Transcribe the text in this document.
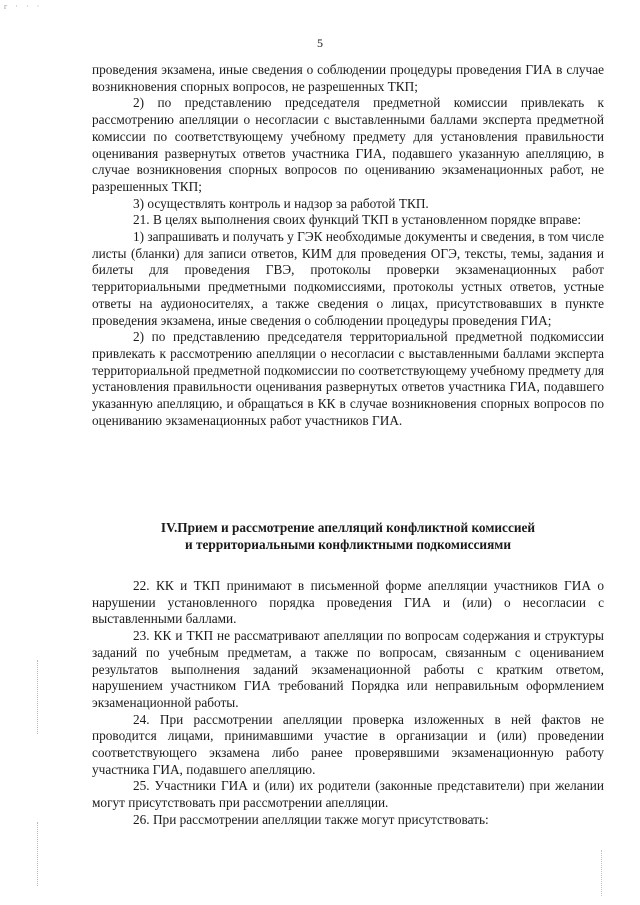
г · · ·
5

проведения экзамена, иные сведения о соблюдении процедуры проведения ГИА в случае возникновения спорных вопросов, не разрешенных ТКП;

2) по представлению председателя предметной комиссии привлекать к рассмотрению апелляции о несогласии с выставленными баллами эксперта предметной комиссии по соответствующему учебному предмету для установления правильности оценивания развернутых ответов участника ГИА, подавшего указанную апелляцию, в случае возникновения спорных вопросов по оцениванию экзаменационных работ, не разрешенных ТКП;

3) осуществлять контроль и надзор за работой ТКП.

21. В целях выполнения своих функций ТКП в установленном порядке вправе:

1) запрашивать и получать у ГЭК необходимые документы и сведения, в том числе листы (бланки) для записи ответов, КИМ для проведения ОГЭ, тексты, темы, задания и билеты для проведения ГВЭ, протоколы проверки экзаменационных работ территориальными предметными подкомиссиями, протоколы устных ответов, устные ответы на аудионосителях, а также сведения о лицах, присутствовавших в пункте проведения экзамена, иные сведения о соблюдении процедуры проведения ГИА;

2) по представлению председателя территориальной предметной подкомиссии привлекать к рассмотрению апелляции о несогласии с выставленными баллами эксперта территориальной предметной подкомиссии по соответствующему учебному предмету для установления правильности оценивания развернутых ответов участника ГИА, подавшего указанную апелляцию, и обращаться в КК в случае возникновения спорных вопросов по оцениванию экзаменационных работ участников ГИА.

IV.Прием и рассмотрение апелляций конфликтной комиссией
и территориальными конфликтными подкомиссиями

22. КК и ТКП принимают в письменной форме апелляции участников ГИА о нарушении установленного порядка проведения ГИА и (или) о несогласии с выставленными баллами.

23. КК и ТКП не рассматривают апелляции по вопросам содержания и структуры заданий по учебным предметам, а также по вопросам, связанным с оцениванием результатов выполнения заданий экзаменационной работы с кратким ответом, нарушением участником ГИА требований Порядка или неправильным оформлением экзаменационной работы.

24. При рассмотрении апелляции проверка изложенных в ней фактов не проводится лицами, принимавшими участие в организации и (или) проведении соответствующего экзамена либо ранее проверявшими экзаменационную работу участника ГИА, подавшего апелляцию.

25. Участники ГИА и (или) их родители (законные представители) при желании могут присутствовать при рассмотрении апелляции.

26. При рассмотрении апелляции также могут присутствовать:
